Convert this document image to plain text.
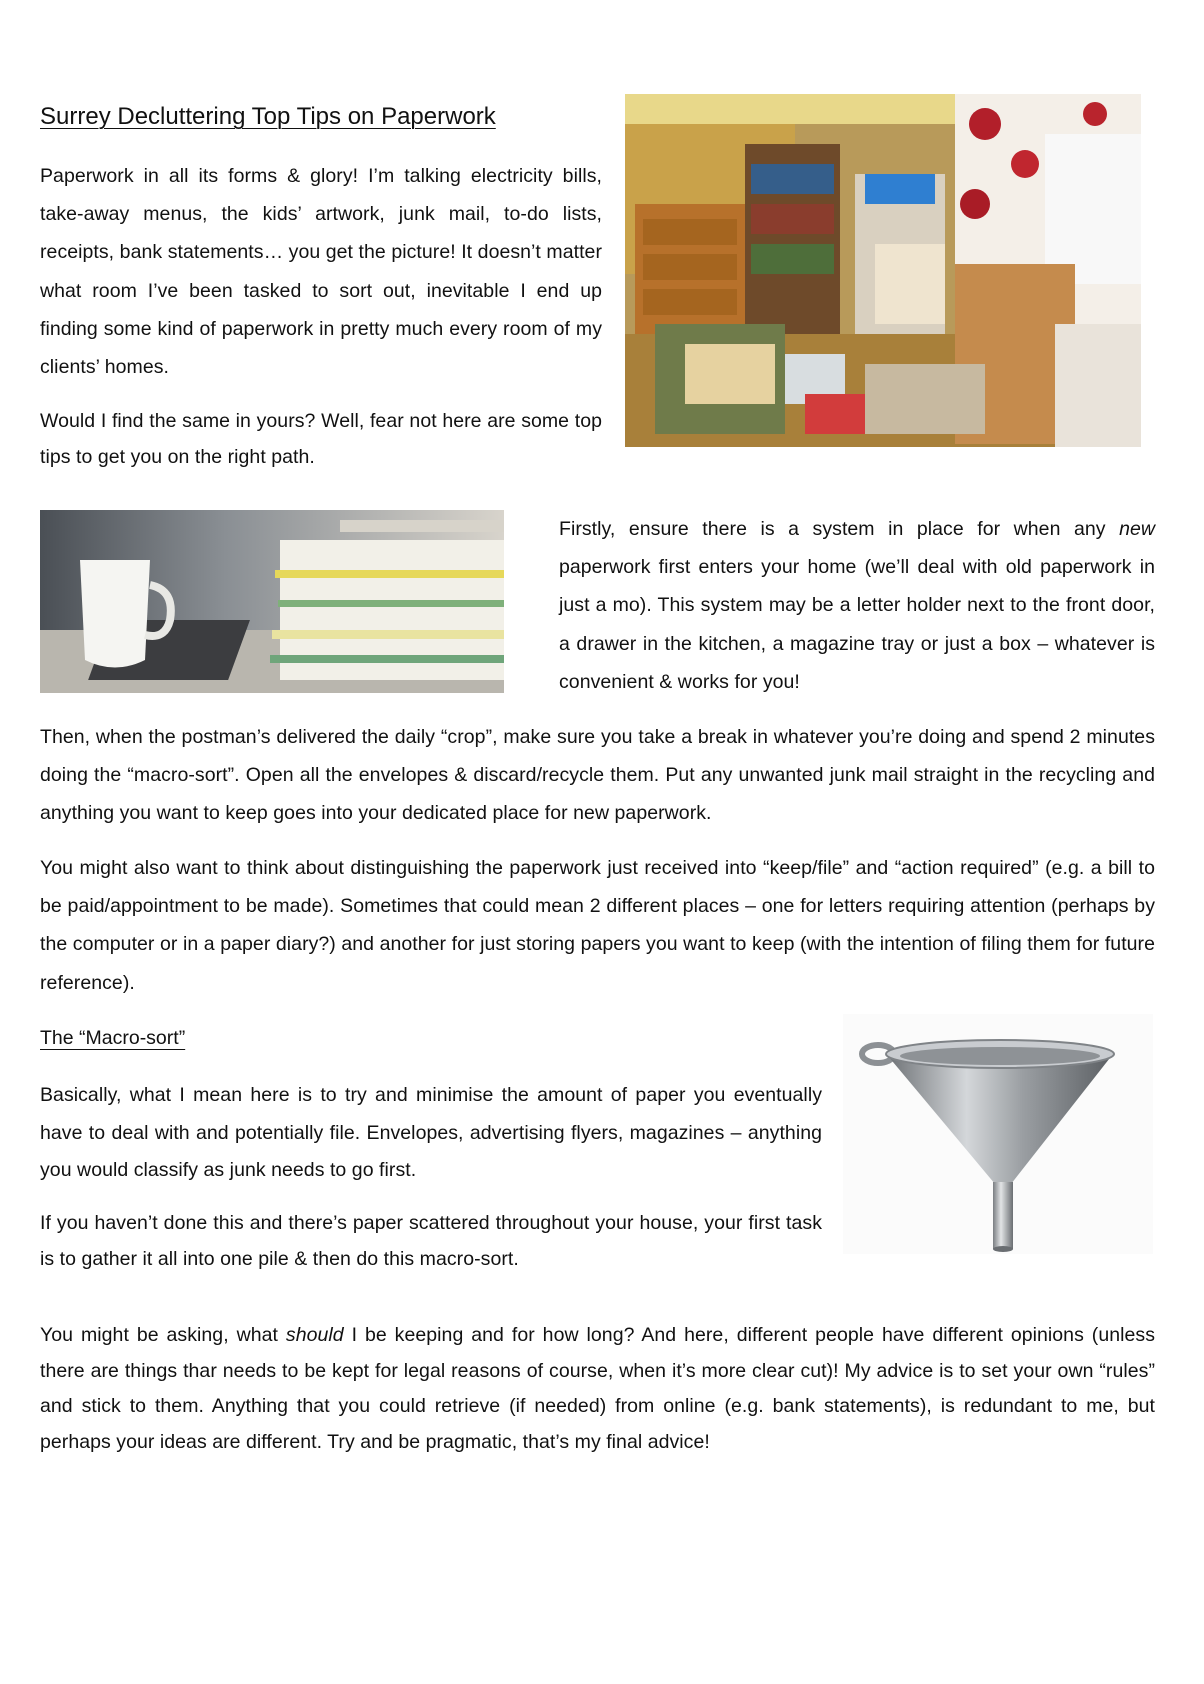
Surrey Decluttering Top Tips on Paperwork

Paperwork in all its forms & glory! I’m talking electricity bills, take-away menus, the kids’ artwork, junk mail, to-do lists, receipts, bank statements… you get the picture! It doesn’t matter what room I’ve been tasked to sort out, inevitable I end up finding some kind of paperwork in pretty much every room of my clients’ homes.

Would I find the same in yours? Well, fear not here are some top tips to get you on the right path.

Firstly, ensure there is a system in place for when any new paperwork first enters your home (we’ll deal with old paperwork in just a mo). This system may be a letter holder next to the front door, a drawer in the kitchen, a magazine tray or just a box – whatever is convenient & works for you!

Then, when the postman’s delivered the daily “crop”, make sure you take a break in whatever you’re doing and spend 2 minutes doing the “macro-sort”. Open all the envelopes & discard/recycle them. Put any unwanted junk mail straight in the recycling and anything you want to keep goes into your dedicated place for new paperwork.

You might also want to think about distinguishing the paperwork just received into “keep/file” and “action required” (e.g. a bill to be paid/appointment to be made). Sometimes that could mean 2 different places – one for letters requiring attention (perhaps by the computer or in a paper diary?) and another for just storing papers you want to keep (with the intention of filing them for future reference).

The “Macro-sort”

Basically, what I mean here is to try and minimise the amount of paper you eventually have to deal with and potentially file. Envelopes, advertising flyers, magazines – anything you would classify as junk needs to go first.

If you haven’t done this and there’s paper scattered throughout your house, your first task is to gather it all into one pile & then do this macro-sort.

You might be asking, what should I be keeping and for how long? And here, different people have different opinions (unless there are things thar needs to be kept for legal reasons of course, when it’s more clear cut)! My advice is to set your own “rules” and stick to them. Anything that you could retrieve (if needed) from online (e.g. bank statements), is redundant to me, but perhaps your ideas are different. Try and be pragmatic, that’s my final advice!
